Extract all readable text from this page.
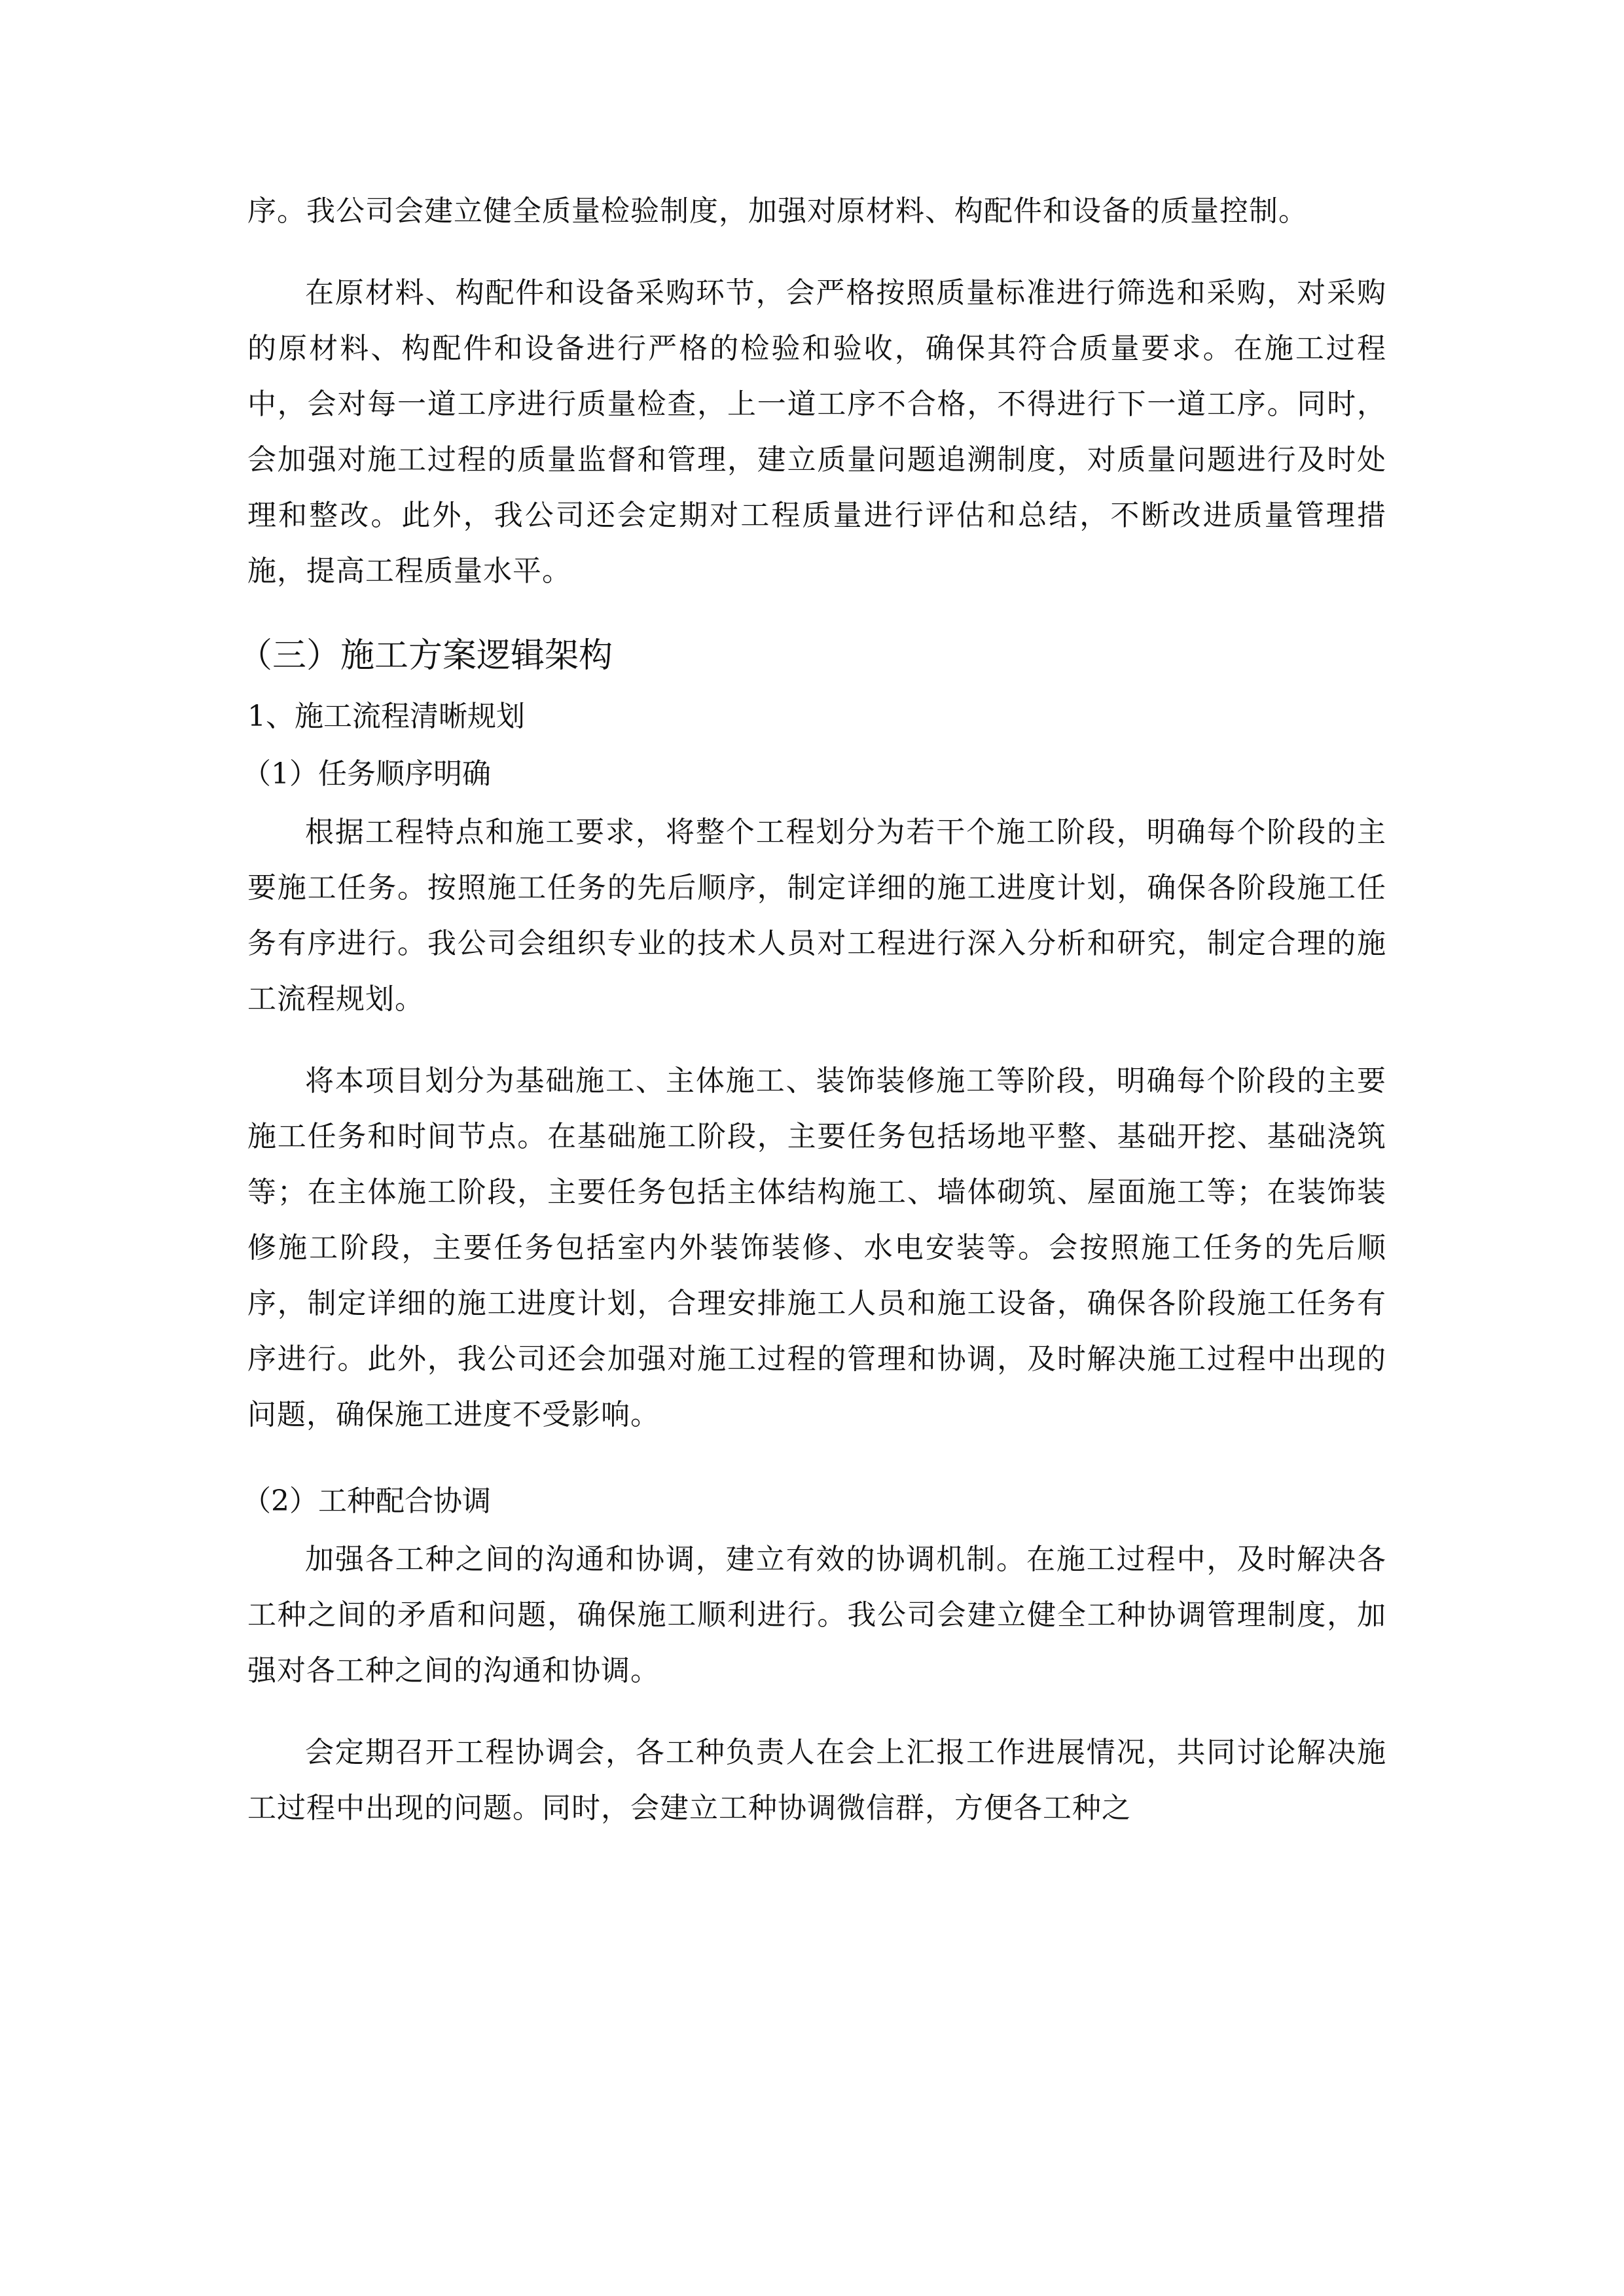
序。我公司会建立健全质量检验制度，加强对原材料、构配件和设备的质量控制。

在原材料、构配件和设备采购环节，会严格按照质量标准进行筛选和采购，对采购的原材料、构配件和设备进行严格的检验和验收，确保其符合质量要求。在施工过程中，会对每一道工序进行质量检查，上一道工序不合格，不得进行下一道工序。同时，会加强对施工过程的质量监督和管理，建立质量问题追溯制度，对质量问题进行及时处理和整改。此外，我公司还会定期对工程质量进行评估和总结，不断改进质量管理措施，提高工程质量水平。

（三）施工方案逻辑架构

1、施工流程清晰规划

（1）任务顺序明确

根据工程特点和施工要求，将整个工程划分为若干个施工阶段，明确每个阶段的主要施工任务。按照施工任务的先后顺序，制定详细的施工进度计划，确保各阶段施工任务有序进行。我公司会组织专业的技术人员对工程进行深入分析和研究，制定合理的施工流程规划。

将本项目划分为基础施工、主体施工、装饰装修施工等阶段，明确每个阶段的主要施工任务和时间节点。在基础施工阶段，主要任务包括场地平整、基础开挖、基础浇筑等；在主体施工阶段，主要任务包括主体结构施工、墙体砌筑、屋面施工等；在装饰装修施工阶段，主要任务包括室内外装饰装修、水电安装等。会按照施工任务的先后顺序，制定详细的施工进度计划，合理安排施工人员和施工设备，确保各阶段施工任务有序进行。此外，我公司还会加强对施工过程的管理和协调，及时解决施工过程中出现的问题，确保施工进度不受影响。

（2）工种配合协调

加强各工种之间的沟通和协调，建立有效的协调机制。在施工过程中，及时解决各工种之间的矛盾和问题，确保施工顺利进行。我公司会建立健全工种协调管理制度，加强对各工种之间的沟通和协调。

会定期召开工程协调会，各工种负责人在会上汇报工作进展情况，共同讨论解决施工过程中出现的问题。同时，会建立工种协调微信群，方便各工种之
